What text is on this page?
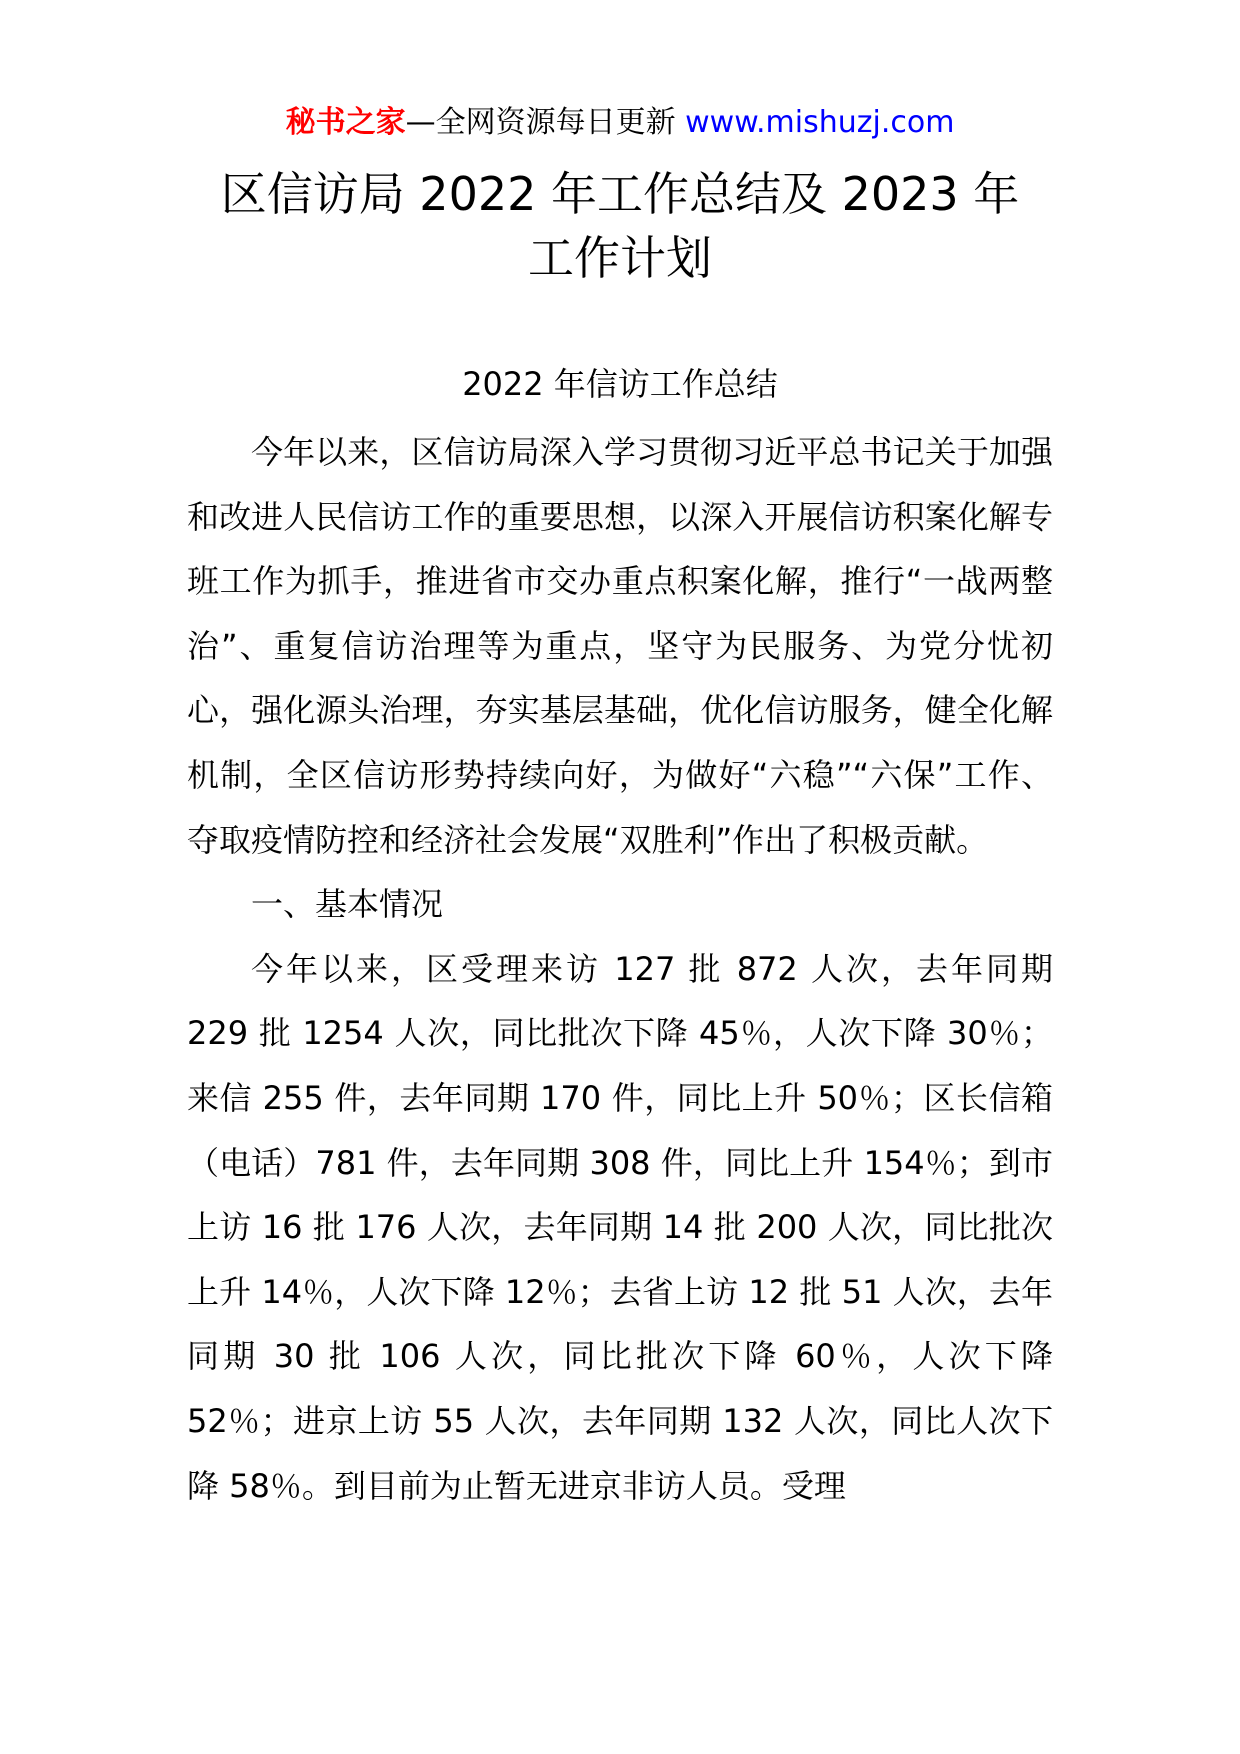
秘书之家—全网资源每日更新 www.mishuzj.com
区信访局 2022 年工作总结及 2023 年
工作计划
2022 年信访工作总结

今年以来，区信访局深入学习贯彻习近平总书记关于加强和改进人民信访工作的重要思想，以深入开展信访积案化解专班工作为抓手，推进省市交办重点积案化解，推行“一战两整治”、重复信访治理等为重点，坚守为民服务、为党分忧初心，强化源头治理，夯实基层基础，优化信访服务，健全化解机制，全区信访形势持续向好，为做好“六稳”“六保”工作、夺取疫情防控和经济社会发展“双胜利”作出了积极贡献。

一、基本情况

今年以来，区受理来访 127 批 872 人次，去年同期 229 批 1254 人次，同比批次下降 45％，人次下降 30％；来信 255 件，去年同期 170 件，同比上升 50％；区长信箱（电话）781 件，去年同期 308 件，同比上升 154％；到市上访 16 批 176 人次，去年同期 14 批 200 人次，同比批次上升 14％，人次下降 12％；去省上访 12 批 51 人次，去年同期 30 批 106 人次，同比批次下降 60％，人次下降 52％；进京上访 55 人次，去年同期 132 人次，同比人次下降 58％。到目前为止暂无进京非访人员。受理
